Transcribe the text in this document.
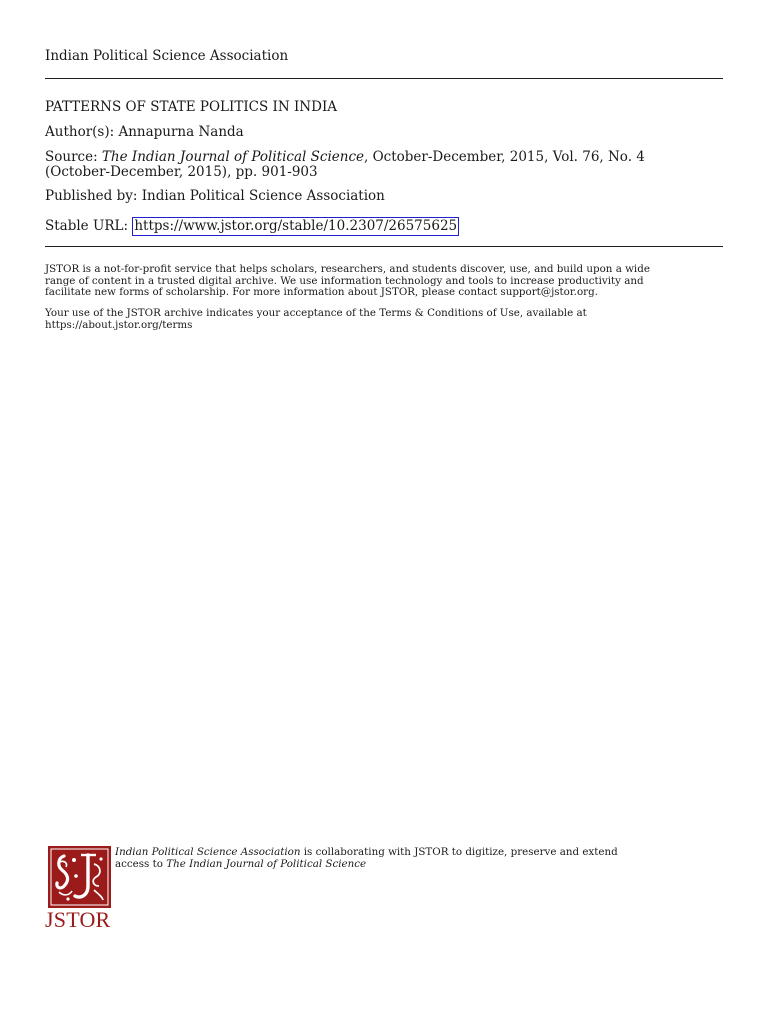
Indian Political Science Association
PATTERNS OF STATE POLITICS IN INDIA
Author(s): Annapurna Nanda
Source: The Indian Journal of Political Science, October-December, 2015, Vol. 76, No. 4
(October-December, 2015), pp. 901-903
Published by: Indian Political Science Association
Stable URL: https://www.jstor.org/stable/10.2307/26575625
JSTOR is a not-for-profit service that helps scholars, researchers, and students discover, use, and build upon a wide
range of content in a trusted digital archive. We use information technology and tools to increase productivity and
facilitate new forms of scholarship. For more information about JSTOR, please contact support@jstor.org.
Your use of the JSTOR archive indicates your acceptance of the Terms & Conditions of Use, available at
https://about.jstor.org/terms
JSTOR
Indian Political Science Association is collaborating with JSTOR to digitize, preserve and extend
access to The Indian Journal of Political Science
